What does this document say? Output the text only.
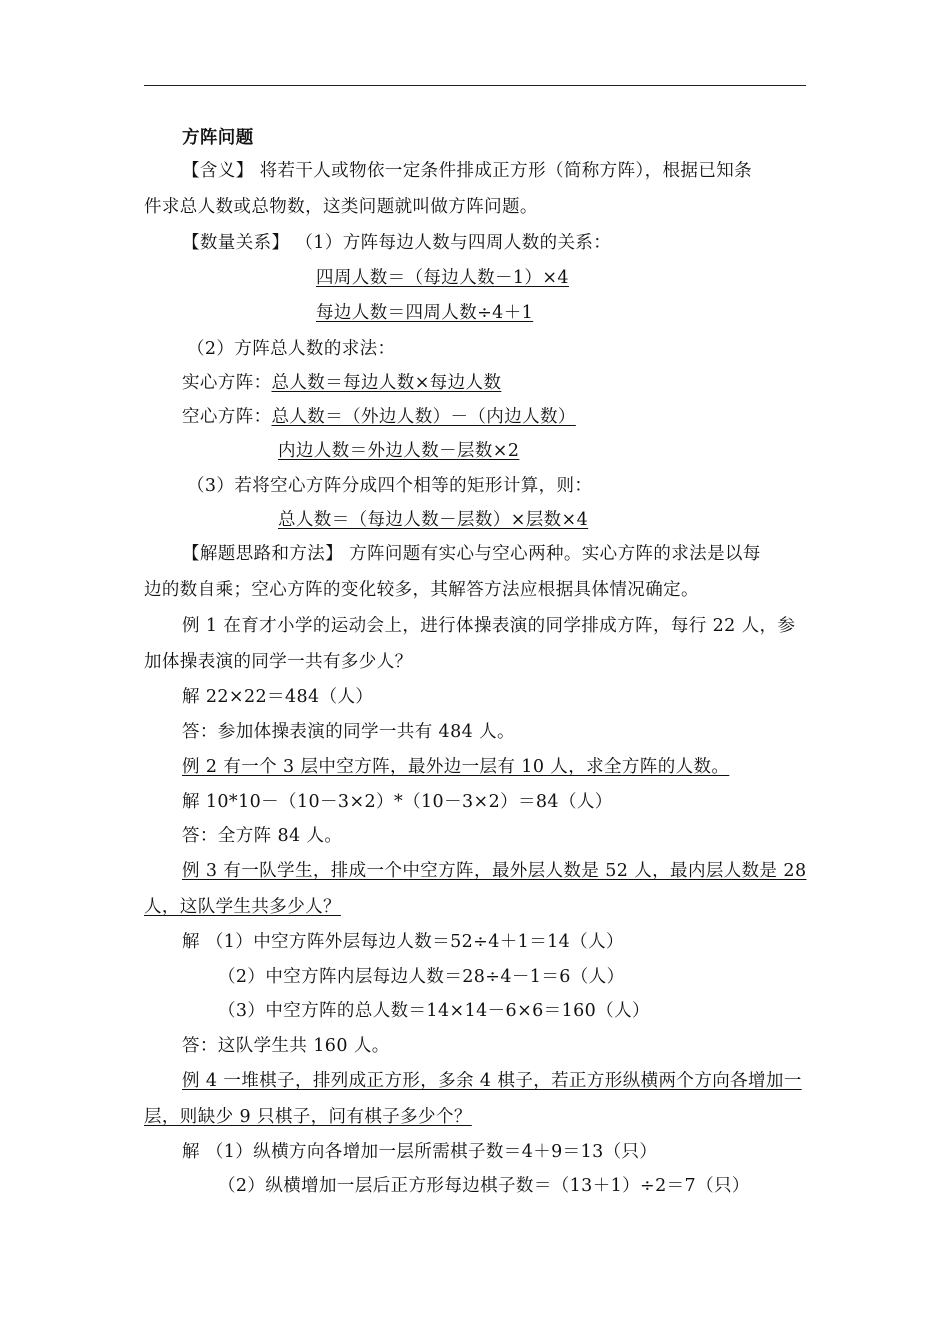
方阵问题
【含义】 将若干人或物依一定条件排成正方形（简称方阵），根据已知条
件求总人数或总物数，这类问题就叫做方阵问题。
【数量关系】 （1）方阵每边人数与四周人数的关系：
四周人数＝（每边人数－1）×4
每边人数＝四周人数÷4＋1
（2）方阵总人数的求法：
实心方阵：总人数＝每边人数×每边人数
空心方阵：总人数＝（外边人数）－（内边人数）
内边人数＝外边人数－层数×2
（3）若将空心方阵分成四个相等的矩形计算，则：
总人数＝（每边人数－层数）×层数×4
【解题思路和方法】 方阵问题有实心与空心两种。实心方阵的求法是以每
边的数自乘；空心方阵的变化较多，其解答方法应根据具体情况确定。
例 1 在育才小学的运动会上，进行体操表演的同学排成方阵，每行 22 人，参
加体操表演的同学一共有多少人？
解 22×22＝484（人）
答：参加体操表演的同学一共有 484 人。
例 2 有一个 3 层中空方阵，最外边一层有 10 人，求全方阵的人数。
解 10*10－（10－3×2）*（10－3×2）＝84（人）
答：全方阵 84 人。
例 3 有一队学生，排成一个中空方阵，最外层人数是 52 人，最内层人数是 28
人，这队学生共多少人？
解 （1）中空方阵外层每边人数＝52÷4＋1＝14（人）
（2）中空方阵内层每边人数＝28÷4－1＝6（人）
（3）中空方阵的总人数＝14×14－6×6＝160（人）
答：这队学生共 160 人。
例 4 一堆棋子，排列成正方形，多余 4 棋子，若正方形纵横两个方向各增加一
层，则缺少 9 只棋子，问有棋子多少个？
解 （1）纵横方向各增加一层所需棋子数＝4＋9＝13（只）
（2）纵横增加一层后正方形每边棋子数＝（13＋1）÷2＝7（只）
